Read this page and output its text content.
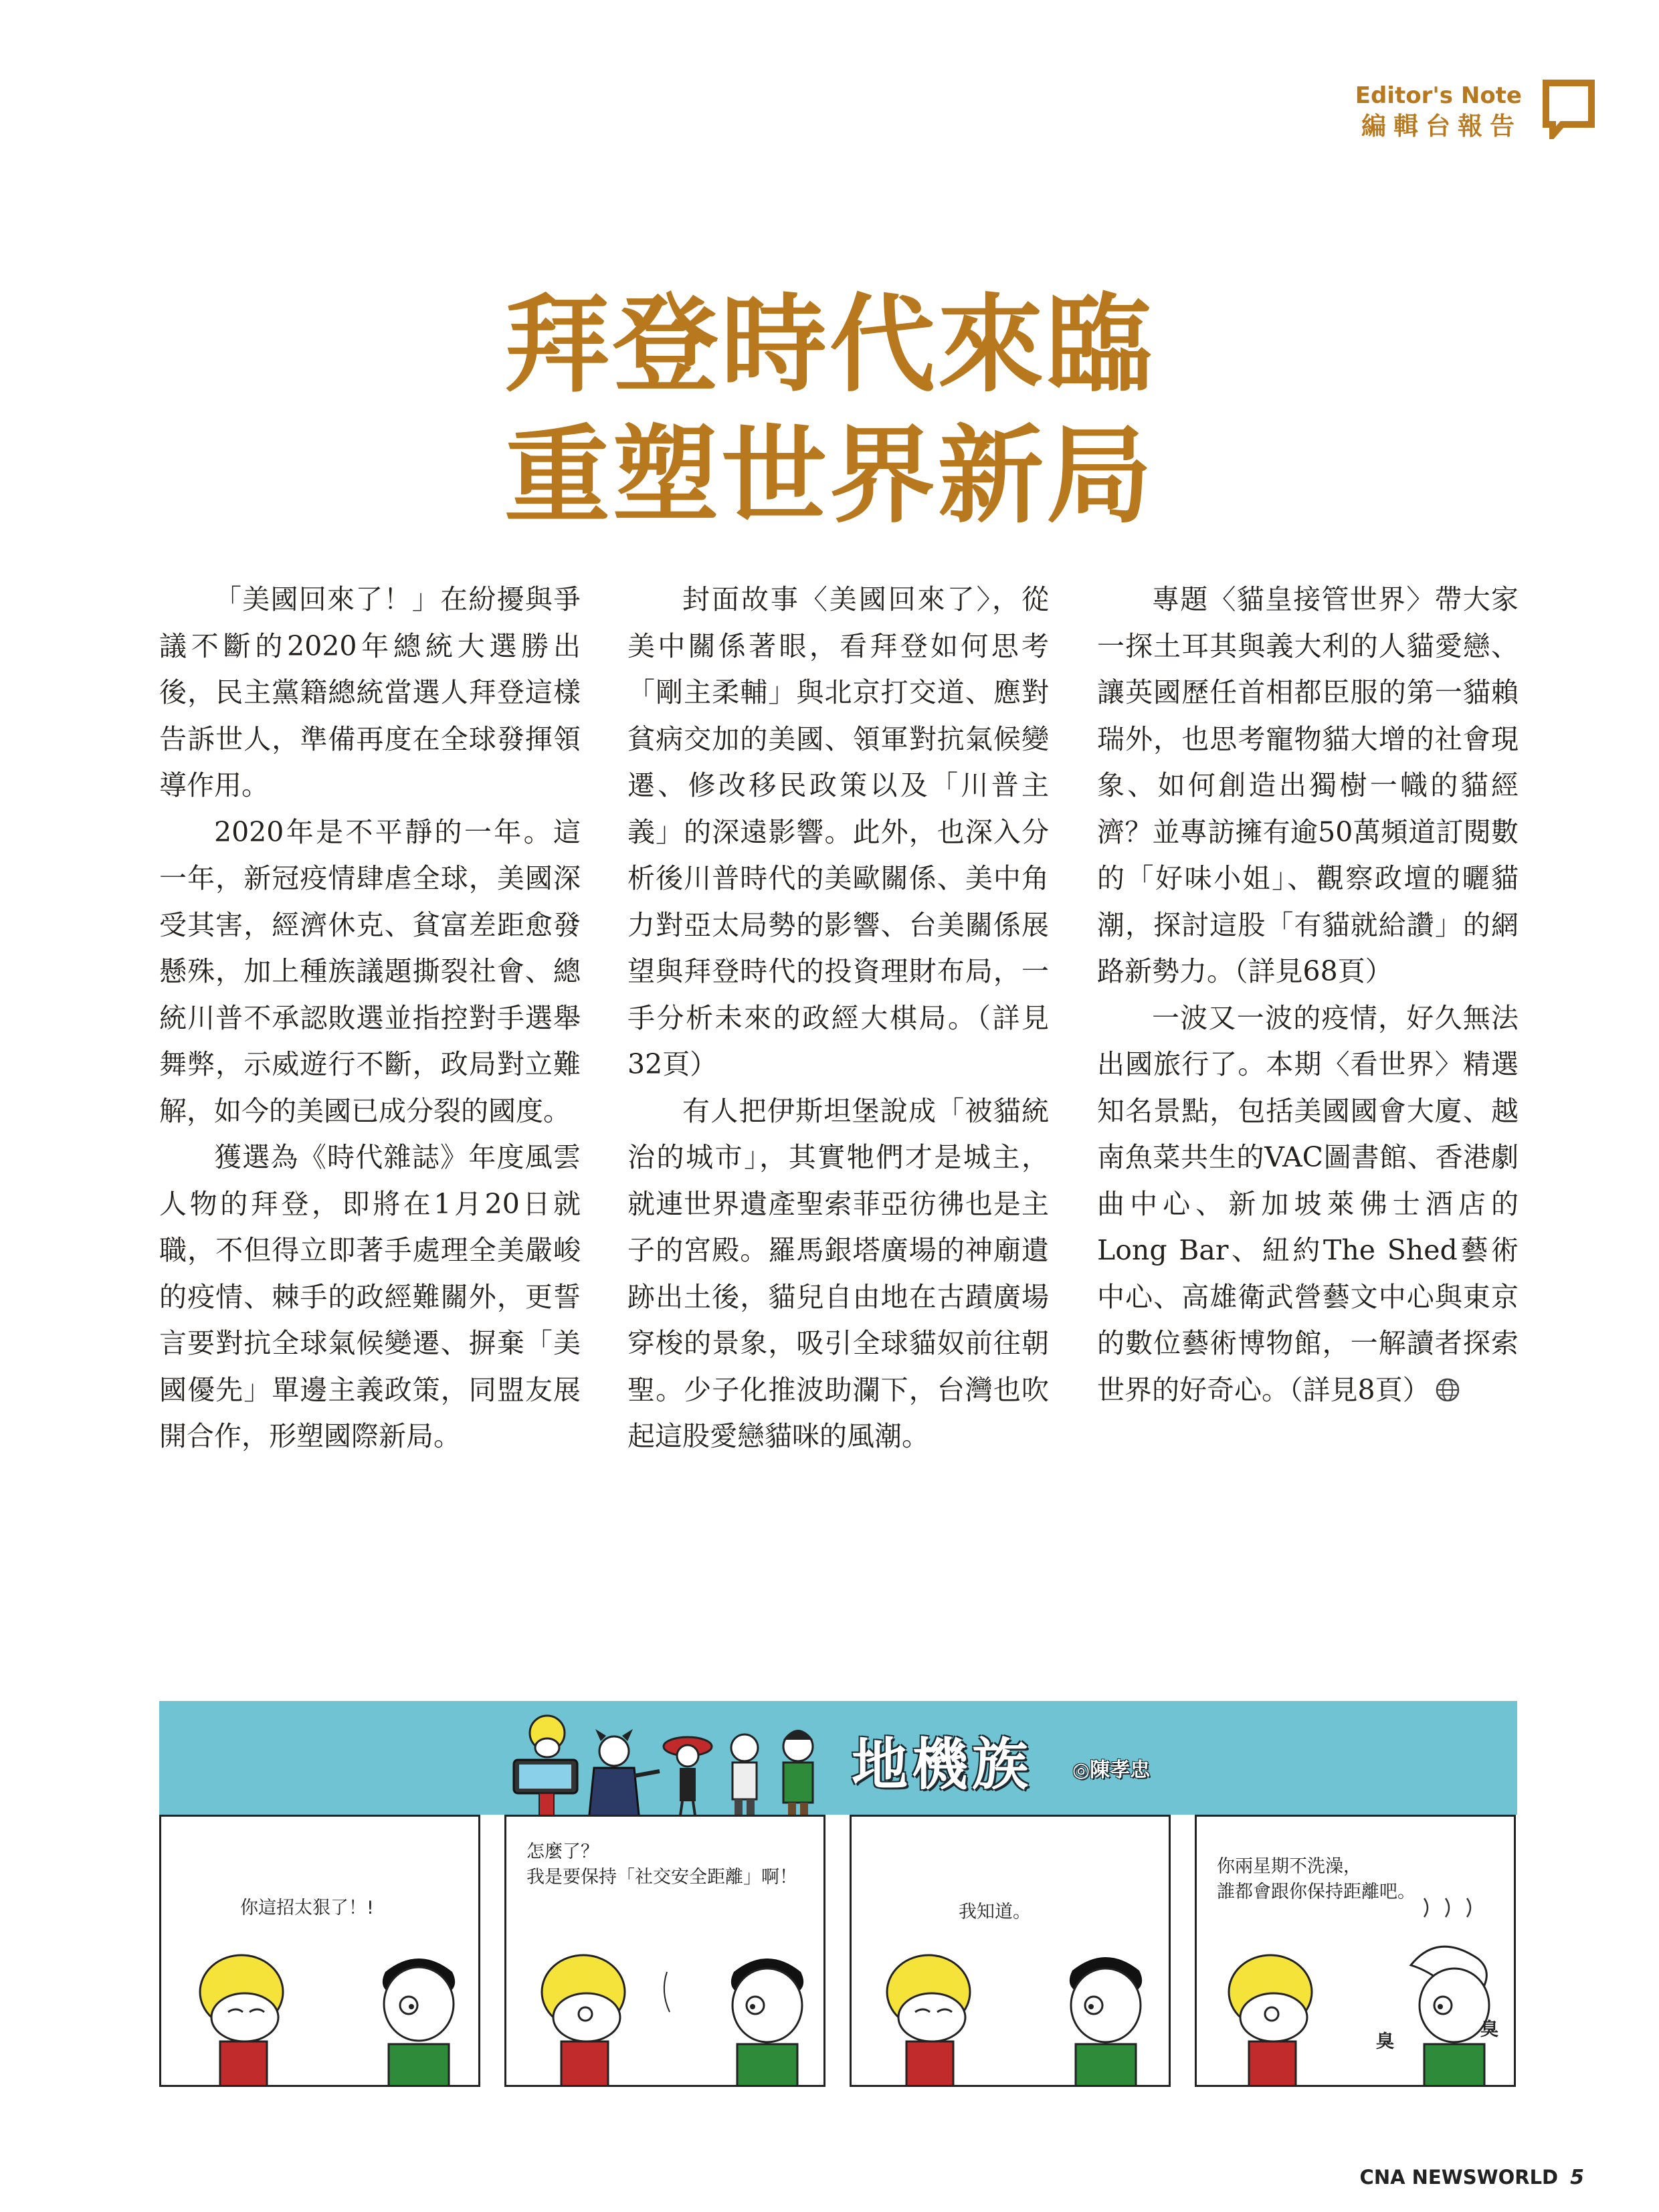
Editor's Note
編輯台報告
拜登時代來臨
重塑世界新局

「美國回來了！」在紛擾與爭議不斷的2020年總統大選勝出後，民主黨籍總統當選人拜登這樣告訴世人，準備再度在全球發揮領導作用。

2020年是不平靜的一年。這一年，新冠疫情肆虐全球，美國深受其害，經濟休克、貧富差距愈發懸殊，加上種族議題撕裂社會、總統川普不承認敗選並指控對手選舉舞弊，示威遊行不斷，政局對立難解，如今的美國已成分裂的國度。

獲選為《時代雜誌》年度風雲人物的拜登，即將在1月20日就職，不但得立即著手處理全美嚴峻的疫情、棘手的政經難關外，更誓言要對抗全球氣候變遷、摒棄「美國優先」單邊主義政策，同盟友展開合作，形塑國際新局。

封面故事〈美國回來了〉，從美中關係著眼，看拜登如何思考「剛主柔輔」與北京打交道、應對貧病交加的美國、領軍對抗氣候變遷、修改移民政策以及「川普主義」的深遠影響。此外，也深入分析後川普時代的美歐關係、美中角力對亞太局勢的影響、台美關係展望與拜登時代的投資理財布局，一手分析未來的政經大棋局。（詳見32頁）

有人把伊斯坦堡說成「被貓統治的城市」，其實牠們才是城主，就連世界遺產聖索菲亞彷彿也是主子的宮殿。羅馬銀塔廣場的神廟遺跡出土後，貓兒自由地在古蹟廣場穿梭的景象，吸引全球貓奴前往朝聖。少子化推波助瀾下，台灣也吹起這股愛戀貓咪的風潮。

專題〈貓皇接管世界〉帶大家一探土耳其與義大利的人貓愛戀、讓英國歷任首相都臣服的第一貓賴瑞外，也思考寵物貓大增的社會現象、如何創造出獨樹一幟的貓經濟？並專訪擁有逾50萬頻道訂閱數的「好味小姐」、觀察政壇的曬貓潮，探討這股「有貓就給讚」的網路新勢力。（詳見68頁）

一波又一波的疫情，好久無法出國旅行了。本期〈看世界〉精選知名景點，包括美國國會大廈、越南魚菜共生的VAC圖書館、香港劇曲中心、新加坡萊佛士酒店的Long Bar、紐約The Shed藝術中心、高雄衛武營藝文中心與東京的數位藝術博物館，一解讀者探索世界的好奇心。（詳見8頁）

地機族 ◎陳孝忠
你這招太狠了！!
怎麼了？
我是要保持「社交安全距離」啊！
我知道。
你兩星期不洗澡，
誰都會跟你保持距離吧。
臭
臭
CNA NEWSWORLD 5
